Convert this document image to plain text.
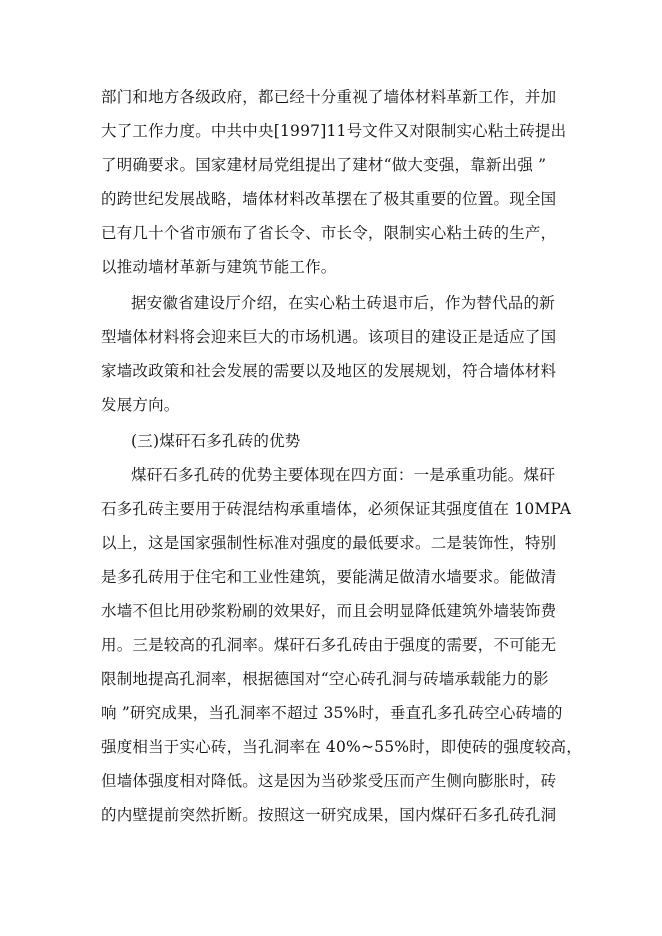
部门和地方各级政府，都已经十分重视了墙体材料革新工作，并加
大了工作力度。中共中央[1997]11号文件又对限制实心粘土砖提出
了明确要求。国家建材局党组提出了建材“做大变强，靠新出强 ”
的跨世纪发展战略，墙体材料改革摆在了极其重要的位置。现全国
已有几十个省市颁布了省长令、市长令，限制实心粘土砖的生产，
以推动墙材革新与建筑节能工作。
据安徽省建设厅介绍，在实心粘土砖退市后，作为替代品的新
型墙体材料将会迎来巨大的市场机遇。该项目的建设正是适应了国
家墙改政策和社会发展的需要以及地区的发展规划，符合墙体材料
发展方向。
(三)煤矸石多孔砖的优势
煤矸石多孔砖的优势主要体现在四方面：一是承重功能。煤矸
石多孔砖主要用于砖混结构承重墙体，必须保证其强度值在 10MPA
以上，这是国家强制性标准对强度的最低要求。二是装饰性，特别
是多孔砖用于住宅和工业性建筑，要能满足做清水墙要求。能做清
水墙不但比用砂浆粉刷的效果好，而且会明显降低建筑外墙装饰费
用。三是较高的孔洞率。煤矸石多孔砖由于强度的需要，不可能无
限制地提高孔洞率，根据德国对“空心砖孔洞与砖墙承载能力的影
响 ”研究成果，当孔洞率不超过 35%时，垂直孔多孔砖空心砖墙的
强度相当于实心砖，当孔洞率在 40%~55%时，即使砖的强度较高，
但墙体强度相对降低。这是因为当砂浆受压而产生侧向膨胀时，砖
的内壁提前突然折断。按照这一研究成果，国内煤矸石多孔砖孔洞
